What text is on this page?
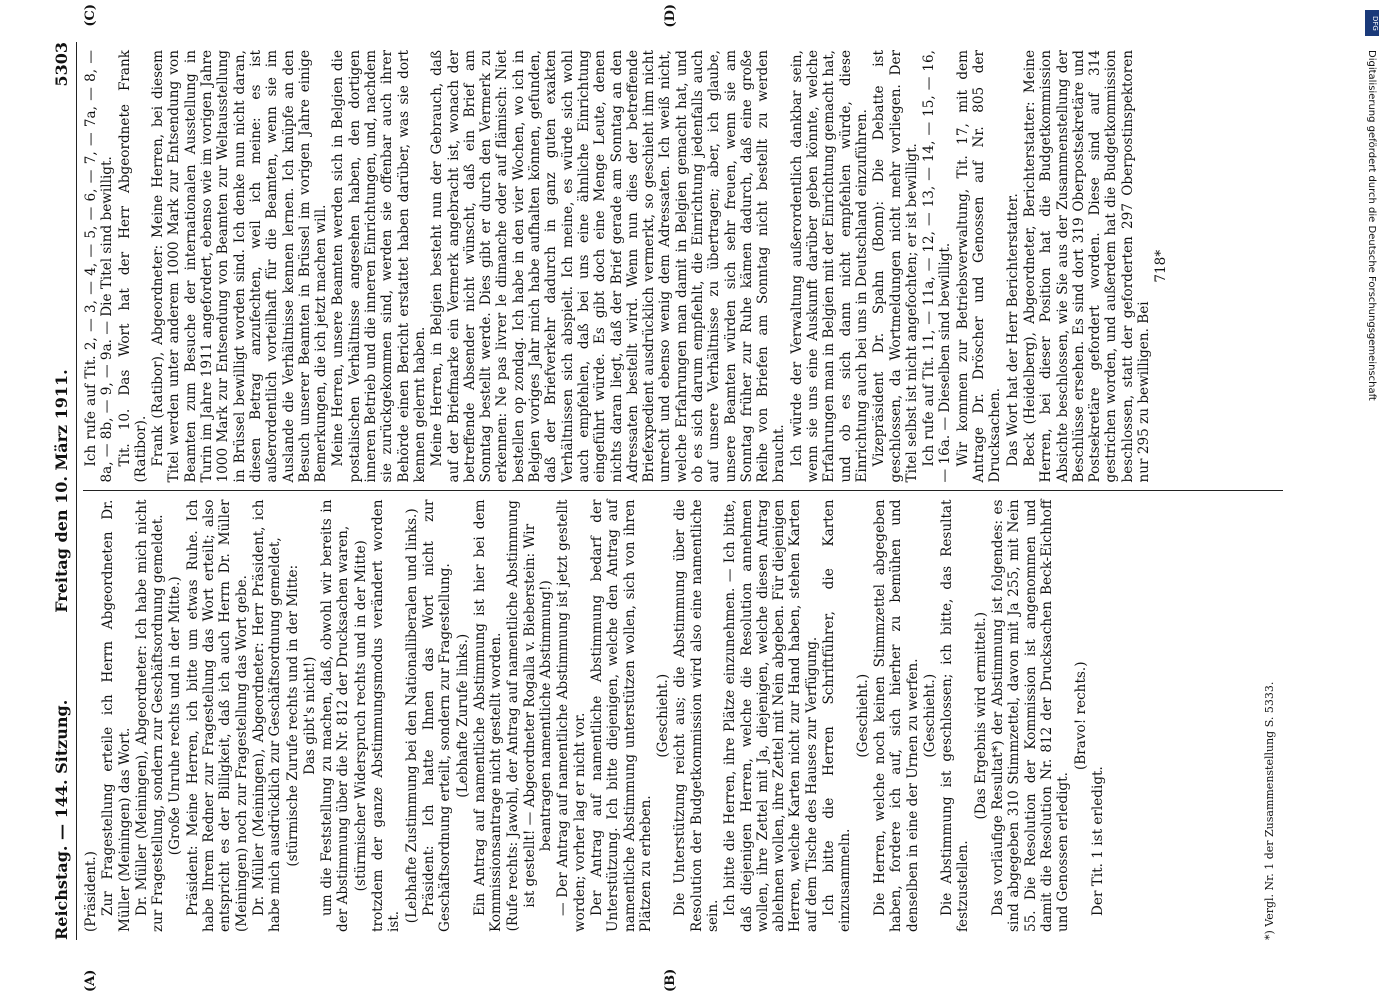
Reichstag. — 144. Sitzung.
Freitag den 10. März 1911.
5303

(Präsident.) Zur Fragestellung erteile ich Herrn Abgeordneten Dr. Müller (Meiningen) das Wort. Dr. Müller (Meiningen), Abgeordneter: Ich habe mich nicht zur Fragestellung, sondern zur Geschäftsordnung gemeldet. (Große Unruhe rechts und in der Mitte.) Präsident: Meine Herren, ich bitte um etwas Ruhe. Ich habe Ihrem Redner zur Fragestellung das Wort erteilt; also entspricht es der Billigkeit, daß ich auch Herrn Dr. Müller (Meiningen) noch zur Fragestellung das Wort gebe. Dr. Müller (Meiningen), Abgeordneter: Herr Präsident, ich habe mich ausdrücklich zur Geschäftsordnung gemeldet, (stürmische Zurufe rechts und in der Mitte: Das gibt's nicht!) um die Feststellung zu machen, daß, obwohl wir bereits in der Abstimmung über die Nr. 812 der Drucksachen waren, (stürmischer Widerspruch rechts und in der Mitte) trotzdem der ganze Abstimmungsmodus verändert worden ist. (Lebhafte Zustimmung bei den Nationalliberalen und links.) Präsident: Ich hatte Ihnen das Wort nicht zur Geschäftsordnung erteilt, sondern zur Fragestellung. (Lebhafte Zurufe links.) Ein Antrag auf namentliche Abstimmung ist hier bei dem Kommissionsantrage nicht gestellt worden. (Rufe rechts: Jawohl, der Antrag auf namentliche Abstimmung ist gestellt! — Abgeordneter Rogalla v. Bieberstein: Wir beantragen namentliche Abstimmung!) — Der Antrag auf namentliche Abstimmung ist jetzt gestellt worden; vorher lag er nicht vor. Der Antrag auf namentliche Abstimmung bedarf der Unterstützung. Ich bitte diejenigen, welche den Antrag auf namentliche Abstimmung unterstützen wollen, sich von ihren Plätzen zu erheben.

(Geschieht.) Die Unterstützung reicht aus; die Abstimmung über die Resolution der Budgetkommission wird also eine namentliche sein. Ich bitte die Herren, ihre Plätze einzunehmen. — Ich bitte, daß diejenigen Herren, welche die Resolution annehmen wollen, ihre Zettel mit Ja, diejenigen, welche diesen Antrag ablehnen wollen, ihre Zettel mit Nein abgeben. Für diejenigen Herren, welche Karten nicht zur Hand haben, stehen Karten auf dem Tische des Hauses zur Verfügung. Ich bitte die Herren Schriftführer, die Karten einzusammeln.

(Geschieht.) Die Herren, welche noch keinen Stimmzettel abgegeben haben, fordere ich auf, sich hierher zu bemühen und denselben in eine der Urnen zu werfen. (Geschieht.) Die Abstimmung ist geschlossen; ich bitte, das Resultat festzustellen.

(Das Ergebnis wird ermittelt.) Das vorläufige Resultat*) der Abstimmung ist folgendes: es sind abgegeben 310 Stimmzettel, davon mit Ja 255, mit Nein 55. Die Resolution der Kommission ist angenommen und damit die Resolution Nr. 812 der Drucksachen Beck-Eichhoff und Genossen erledigt.

(Bravo! rechts.)

Der Tit. 1 ist erledigt.

Ich rufe auf Tit. 2, — 3, — 4, — 5, — 6, — 7, — 7a, — 8, — 8a, — 8b, — 9, — 9a. — Die Titel sind bewilligt. Tit. 10. Das Wort hat der Herr Abgeordnete Frank (Ratibor). Frank (Ratibor), Abgeordneter: Meine Herren, bei diesem Titel werden unter anderem 1000 Mark zur Entsendung von Beamten zum Besuche der internationalen Ausstellung in Turin im Jahre 1911 angefordert, ebenso wie im vorigen Jahre 1000 Mark zur Entsendung von Beamten zur Weltausstellung in Brüssel bewilligt worden sind. Ich denke nun nicht daran, diesen Betrag anzufechten, weil ich meine: es ist außerordentlich vorteilhaft für die Beamten, wenn sie im Auslande die Verhältnisse kennen lernen. Ich knüpfe an den Besuch unserer Beamten in Brüssel im vorigen Jahre einige Bemerkungen, die ich jetzt machen will. Meine Herren, unsere Beamten werden sich in Belgien die postalischen Verhältnisse angesehen haben, den dortigen inneren Betrieb und die inneren Einrichtungen, und, nachdem sie zurückgekommen sind, werden sie offenbar auch ihrer Behörde einen Bericht erstattet haben darüber, was sie dort kennen gelernt haben. Meine Herren, in Belgien besteht nun der Gebrauch, daß auf der Briefmarke ein Vermerk angebracht ist, wonach der betreffende Absender nicht wünscht, daß ein Brief am Sonntag bestellt werde. Dies gibt er durch den Vermerk zu erkennen: Ne pas livrer le dimanche oder auf flämisch: Niet bestellen op zondag. Ich habe in den vier Wochen, wo ich in Belgien voriges Jahr mich habe aufhalten können, gefunden, daß der Briefverkehr dadurch in ganz guten exakten Verhältnissen sich abspielt. Ich meine, es würde sich wohl auch empfehlen, daß bei uns eine ähnliche Einrichtung eingeführt würde. Es gibt doch eine Menge Leute, denen nichts daran liegt, daß der Brief gerade am Sonntag an den Adressaten bestellt wird. Wenn nun dies der betreffende Briefexpedient ausdrücklich vermerkt, so geschieht ihm nicht unrecht und ebenso wenig dem Adressaten. Ich weiß nicht, welche Erfahrungen man damit in Belgien gemacht hat, und ob es sich darum empfiehlt, die Einrichtung jedenfalls auch auf unsere Verhältnisse zu übertragen; aber, ich glaube, unsere Beamten würden sich sehr freuen, wenn sie am Sonntag früher zur Ruhe kämen dadurch, daß eine große Reihe von Briefen am Sonntag nicht bestellt zu werden braucht. Ich würde der Verwaltung außerordentlich dankbar sein, wenn sie uns eine Auskunft darüber geben könnte, welche Erfahrungen man in Belgien mit der Einrichtung gemacht hat, und ob es sich dann nicht empfehlen würde, diese Einrichtung auch bei uns in Deutschland einzuführen. Vizepräsident Dr. Spahn (Bonn): Die Debatte ist geschlossen, da Wortmeldungen nicht mehr vorliegen. Der Titel selbst ist nicht angefochten; er ist bewilligt. Ich rufe auf Tit. 11, — 11a, — 12, — 13, — 14, — 15, — 16, — 16a. — Dieselben sind bewilligt. Wir kommen zur Betriebsverwaltung, Tit. 17, mit dem Antrage Dr. Dröscher und Genossen auf Nr. 805 der Drucksachen. Das Wort hat der Herr Berichterstatter. Beck (Heidelberg), Abgeordneter, Berichterstatter: Meine Herren, bei dieser Position hat die Budgetkommission Absichte beschlossen, wie Sie aus der Zusammenstellung der Beschlüsse ersehen. Es sind dort 319 Oberpostsekretäre und Postsekretäre gefordert worden. Diese sind auf 314 gestrichen worden, und außerdem hat die Budgetkommission beschlossen, statt der geforderten 297 Oberpostinspektoren nur 295 zu bewilligen. Bei

718*

(A)	(B)
(C)	(D)
*) Vergl. Nr. 1 der Zusammenstellung S. 5333.
DFG
Digitalisierung gefördert durch die Deutsche Forschungsgemeinschaft
